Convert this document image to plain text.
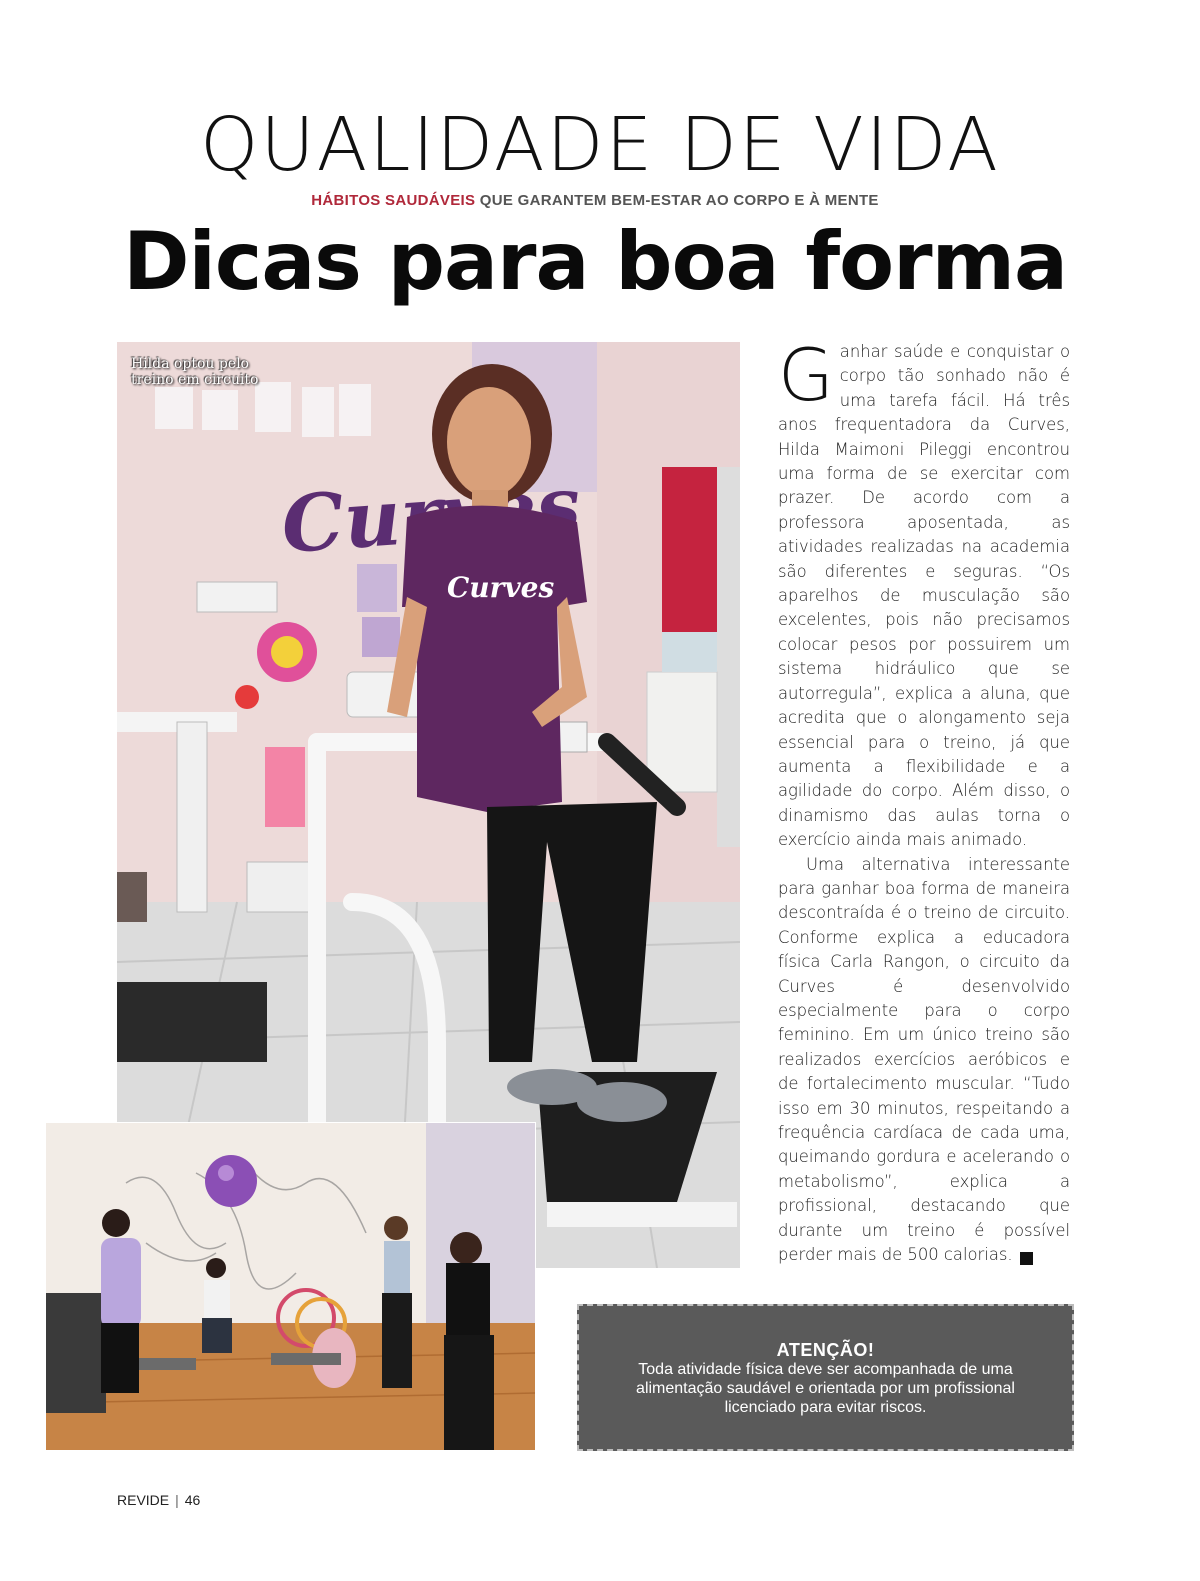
QUALIDADE DE VIDA
HÁBITOS SAUDÁVEIS QUE GARANTEM BEM-ESTAR AO CORPO E À MENTE
Dicas para boa forma
Curves
Hilda optou pelo treino em circuito	Ganhar saúde e conquistar o corpo tão sonhado não é uma tarefa fácil. Há três anos frequentadora da Curves, Hilda Maimoni Pileggi encontrou uma forma de se exercitar com prazer. De acordo com a professora aposentada, as atividades realizadas na academia são diferentes e seguras. “Os aparelhos de musculação são excelentes, pois não precisamos colocar pesos por possuirem um sistema hidráulico que se autorregula”, explica a aluna, que acredita que o alongamento seja essencial para o treino, já que aumenta a flexibilidade e a agilidade do corpo. Além disso, o dinamismo das aulas torna o exercício ainda mais animado.

Uma alternativa interessante para ganhar boa forma de maneira descontraída é o treino de circuito. Conforme explica a educadora física Carla Rangon, o circuito da Curves é desenvolvido especialmente para o corpo feminino. Em um único treino são realizados exercícios aeróbicos e de fortalecimento muscular. “Tudo isso em 30 minutos, respeitando a frequência cardíaca de cada uma, queimando gordura e acelerando o metabolismo”, explica a profissional, destacando que durante um treino é possível perder mais de 500 calorias.	r

ATENÇÃO!
Toda atividade física deve ser acompanhada de uma alimentação saudável e orientada por um profissional licenciado para evitar riscos.
REVIDE | 46
